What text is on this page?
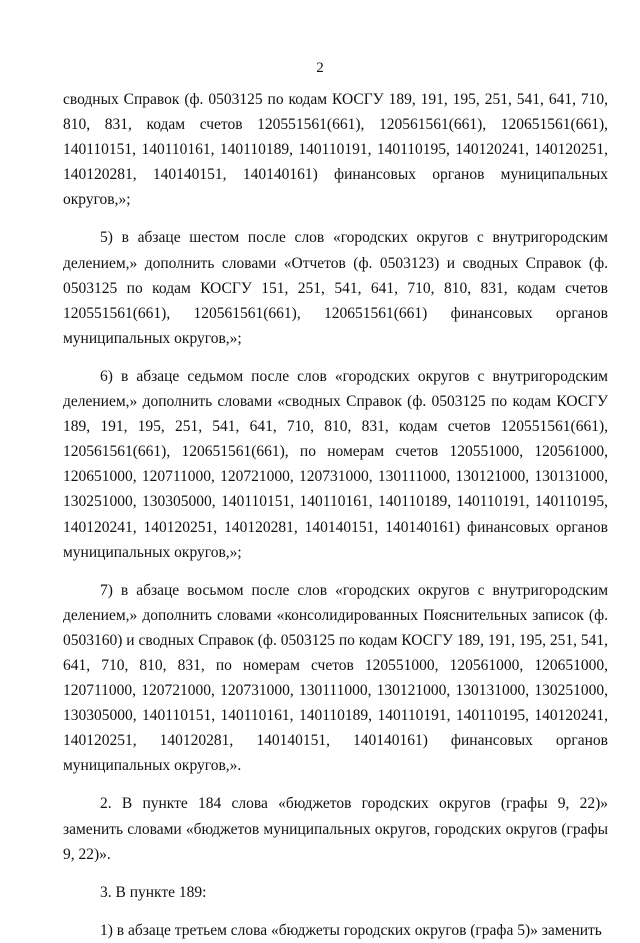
2

сводных Справок (ф. 0503125 по кодам КОСГУ 189, 191, 195, 251, 541, 641, 710, 810, 831, кодам счетов 120551561(661), 120561561(661), 120651561(661), 140110151, 140110161, 140110189, 140110191, 140110195, 140120241, 140120251, 140120281, 140140151, 140140161) финансовых органов муниципальных округов,»;

5) в абзаце шестом после слов «городских округов с внутригородским делением,» дополнить словами «Отчетов (ф. 0503123) и сводных Справок (ф. 0503125 по кодам КОСГУ 151, 251, 541, 641, 710, 810, 831, кодам счетов 120551561(661), 120561561(661), 120651561(661) финансовых органов муниципальных округов,»;

6) в абзаце седьмом после слов «городских округов с внутригородским делением,» дополнить словами «сводных Справок (ф. 0503125 по кодам КОСГУ 189, 191, 195, 251, 541, 641, 710, 810, 831, кодам счетов 120551561(661), 120561561(661), 120651561(661), по номерам счетов 120551000, 120561000, 120651000, 120711000, 120721000, 120731000, 130111000, 130121000, 130131000, 130251000, 130305000, 140110151, 140110161, 140110189, 140110191, 140110195, 140120241, 140120251, 140120281, 140140151, 140140161) финансовых органов муниципальных округов,»;

7) в абзаце восьмом после слов «городских округов с внутригородским делением,» дополнить словами «консолидированных Пояснительных записок (ф. 0503160) и сводных Справок (ф. 0503125 по кодам КОСГУ 189, 191, 195, 251, 541, 641, 710, 810, 831, по номерам счетов 120551000, 120561000, 120651000, 120711000, 120721000, 120731000, 130111000, 130121000, 130131000, 130251000, 130305000, 140110151, 140110161, 140110189, 140110191, 140110195, 140120241, 140120251, 140120281, 140140151, 140140161) финансовых органов муниципальных округов,».

2. В пункте 184 слова «бюджетов городских округов (графы 9, 22)» заменить словами «бюджетов муниципальных округов, городских округов (графы 9, 22)».

3. В пункте 189:

1) в абзаце третьем слова «бюджеты городских округов (графа 5)» заменить
